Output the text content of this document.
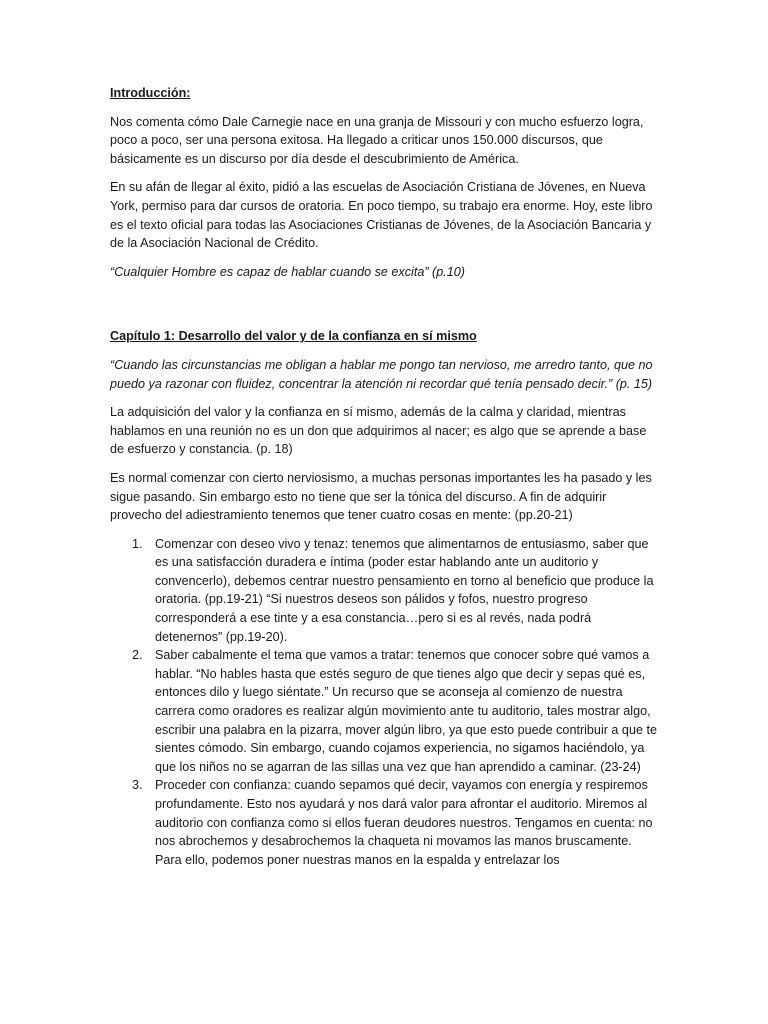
Introducción:

Nos comenta cómo Dale Carnegie nace en una granja de Missouri y con mucho esfuerzo logra, poco a poco, ser una persona exitosa. Ha llegado a criticar unos 150.000 discursos, que básicamente es un discurso por día desde el descubrimiento de América.

En su afán de llegar al éxito, pidió a las escuelas de Asociación Cristiana de Jóvenes, en Nueva York, permiso para dar cursos de oratoria. En poco tiempo, su trabajo era enorme. Hoy, este libro es el texto oficial para todas las Asociaciones Cristianas de Jóvenes, de la Asociación Bancaria y de la Asociación Nacional de Crédito.

“Cualquier Hombre es capaz de hablar cuando se excita” (p.10)

Capítulo 1: Desarrollo del valor y de la confianza en sí mismo

“Cuando las circunstancias me obligan a hablar me pongo tan nervioso, me arredro tanto, que no puedo ya razonar con fluidez, concentrar la atención ni recordar qué tenía pensado decir.” (p. 15)

La adquisición del valor y la confianza en sí mismo, además de la calma y claridad, mientras hablamos en una reunión no es un don que adquirimos al nacer; es algo que se aprende a base de esfuerzo y constancia. (p. 18)

Es normal comenzar con cierto nerviosismo, a muchas personas importantes les ha pasado y les sigue pasando. Sin embargo esto no tiene que ser la tónica del discurso. A fin de adquirir provecho del adiestramiento tenemos que tener cuatro cosas en mente: (pp.20-21)

1. Comenzar con deseo vivo y tenaz: tenemos que alimentarnos de entusiasmo, saber que es una satisfacción duradera e íntima (poder estar hablando ante un auditorio y convencerlo), debemos centrar nuestro pensamiento en torno al beneficio que produce la oratoria. (pp.19-21) “Si nuestros deseos son pálidos y fofos, nuestro progreso corresponderá a ese tinte y a esa constancia…pero si es al revés, nada podrá detenernos” (pp.19-20).
2. Saber cabalmente el tema que vamos a tratar: tenemos que conocer sobre qué vamos a hablar. “No hables hasta que estés seguro de que tienes algo que decir y sepas qué es, entonces dilo y luego siéntate.” Un recurso que se aconseja al comienzo de nuestra carrera como oradores es realizar algún movimiento ante tu auditorio, tales mostrar algo, escribir una palabra en la pizarra, mover algún libro, ya que esto puede contribuir a que te sientes cómodo. Sin embargo, cuando cojamos experiencia, no sigamos haciéndolo, ya que los niños no se agarran de las sillas una vez que han aprendido a caminar. (23-24)
3. Proceder con confianza: cuando sepamos qué decir, vayamos con energía y respiremos profundamente. Esto nos ayudará y nos dará valor para afrontar el auditorio. Miremos al auditorio con confianza como si ellos fueran deudores nuestros. Tengamos en cuenta: no nos abrochemos y desabrochemos la chaqueta ni movamos las manos bruscamente. Para ello, podemos poner nuestras manos en la espalda y entrelazar los
